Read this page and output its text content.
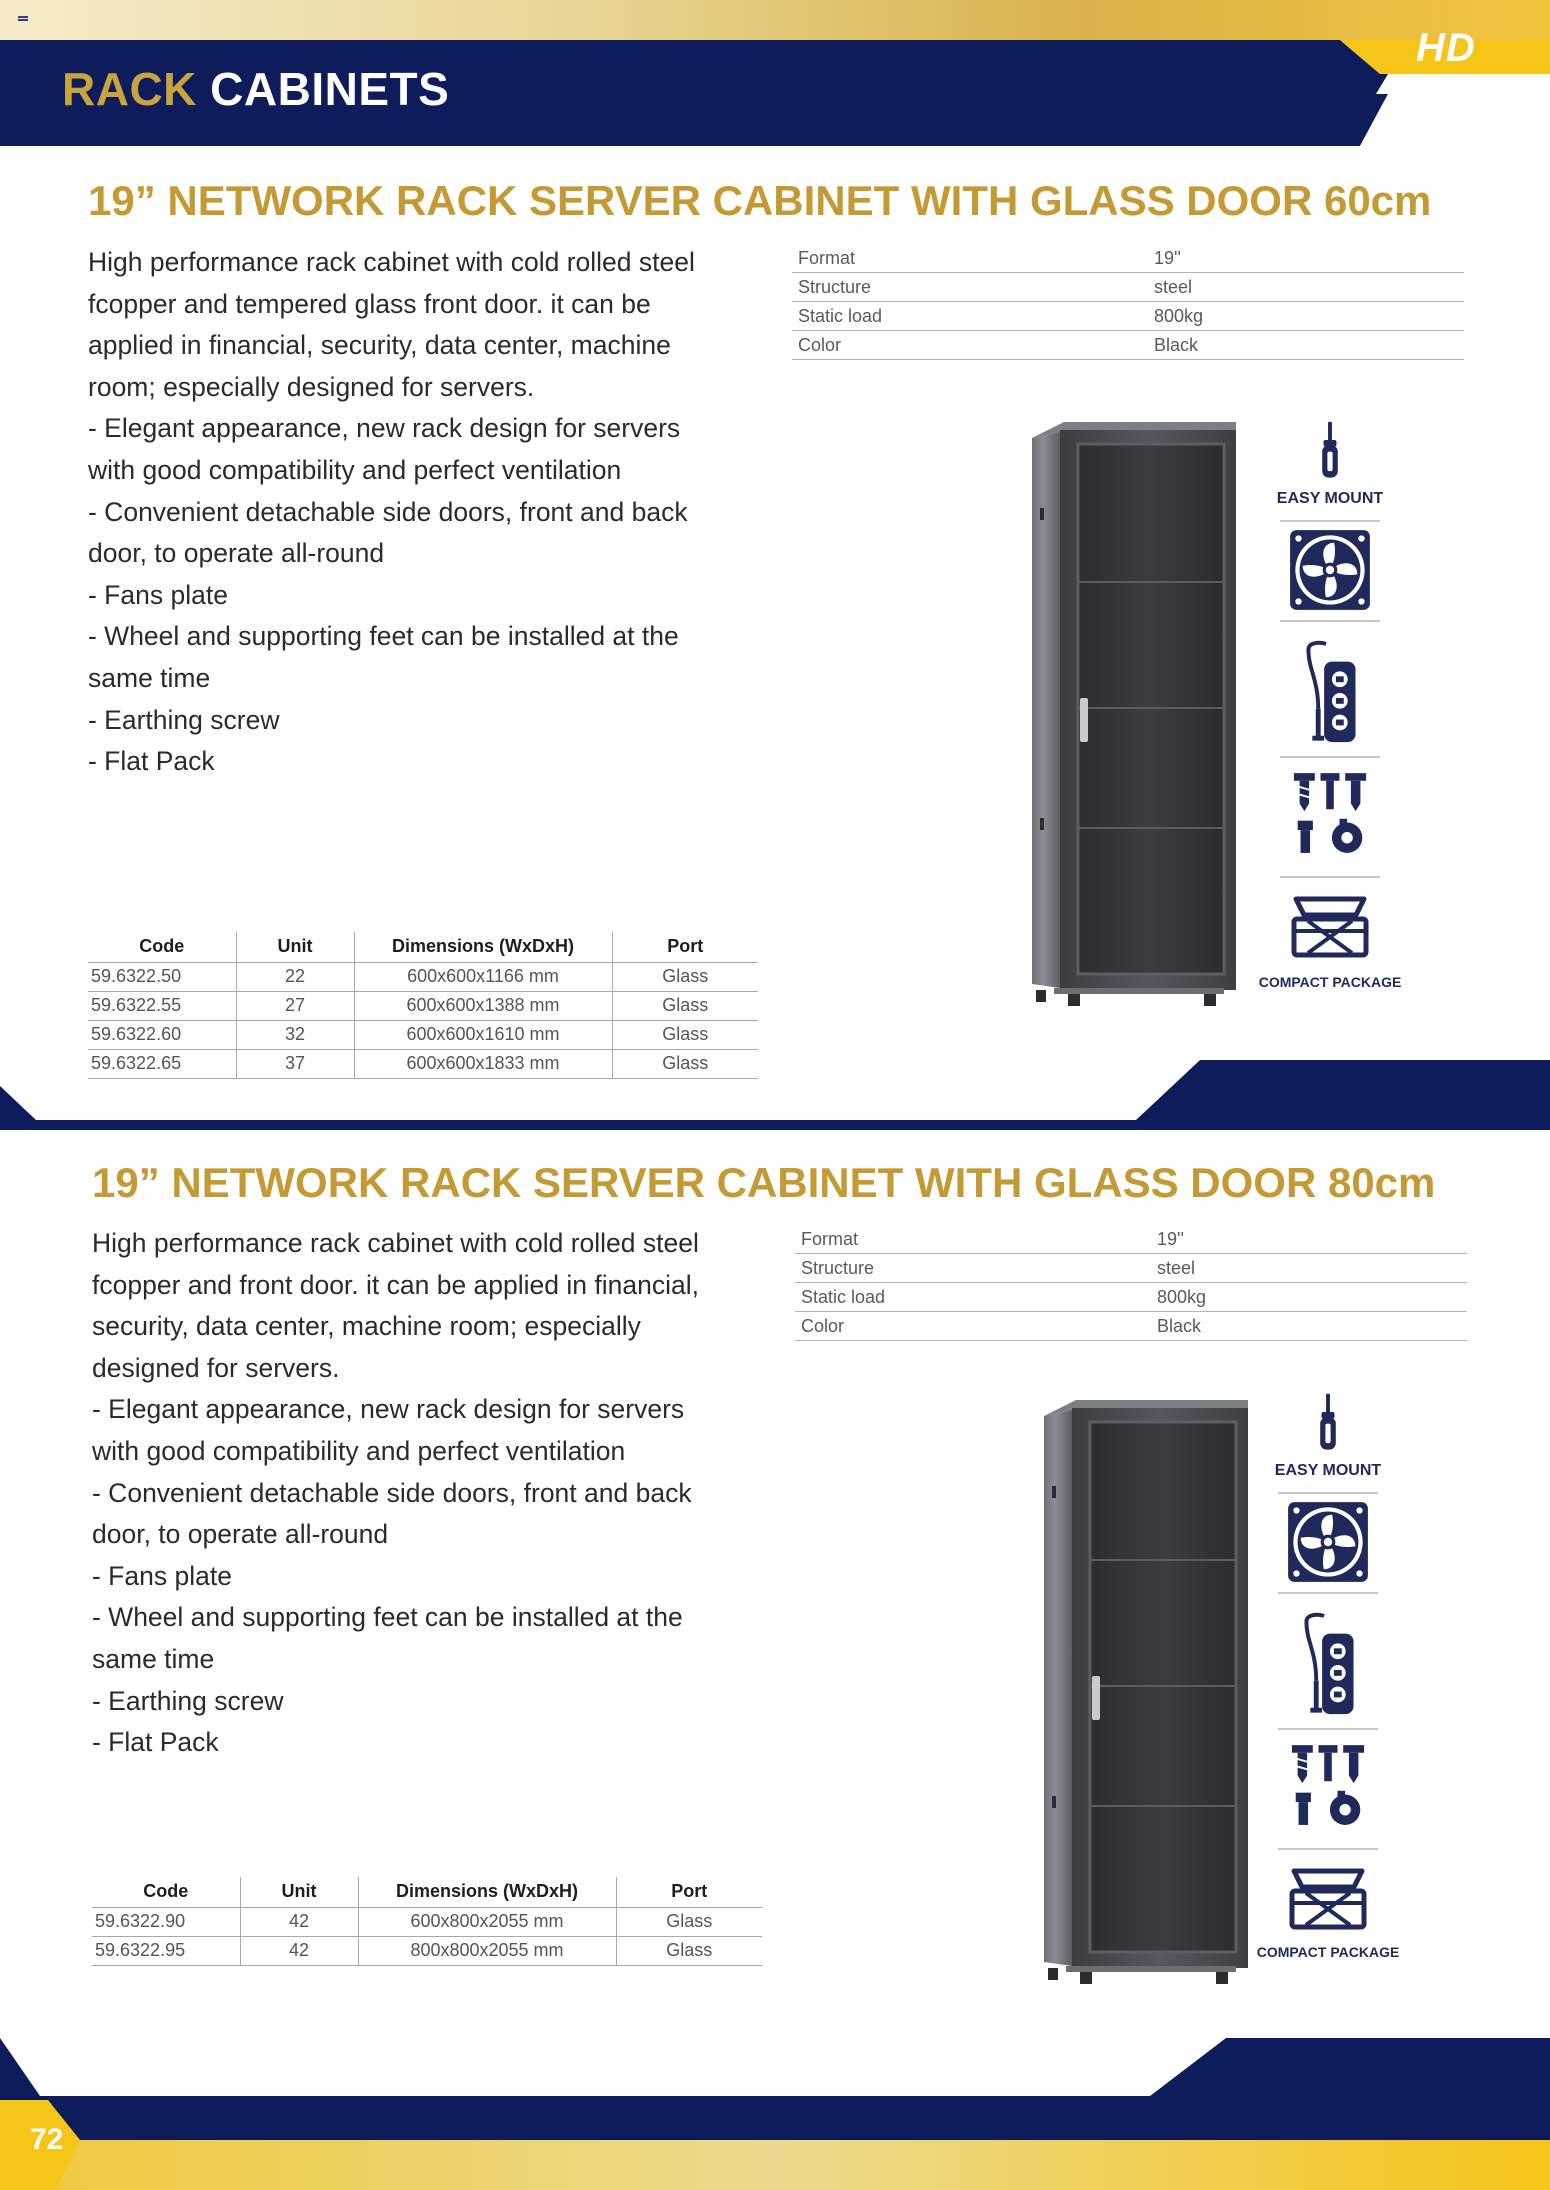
RACK CABINETS
HD
19” NETWORK RACK SERVER CABINET WITH GLASS DOOR 60cm

High performance rack cabinet with cold rolled steel

fcopper and tempered glass front door. it can be

applied in financial, security, data center, machine

room; especially designed for servers.

- Elegant appearance, new rack design for servers

with good compatibility and perfect ventilation

- Convenient detachable side doors, front and back

door, to operate all-round

- Fans plate

- Wheel and supporting feet can be installed at the

same time

- Earthing screw

- Flat Pack

Format	19''
Structure	steel
Static load	800kg
Color	Black
Code	Unit	Dimensions (WxDxH)	Port
59.6322.50	22	600x600x1166 mm	Glass
59.6322.55	27	600x600x1388 mm	Glass
59.6322.60	32	600x600x1610 mm	Glass
59.6322.65	37	600x600x1833 mm	Glass
EASY MOUNT
COMPACT PACKAGE
19” NETWORK RACK SERVER CABINET WITH GLASS DOOR 80cm

High performance rack cabinet with cold rolled steel

fcopper and front door. it can be applied in financial,

security, data center, machine room; especially

designed for servers.

- Elegant appearance, new rack design for servers

with good compatibility and perfect ventilation

- Convenient detachable side doors, front and back

door, to operate all-round

- Fans plate

- Wheel and supporting feet can be installed at the

same time

- Earthing screw

- Flat Pack

Format	19''
Structure	steel
Static load	800kg
Color	Black
Code	Unit	Dimensions (WxDxH)	Port
59.6322.90	42	600x800x2055 mm	Glass
59.6322.95	42	800x800x2055 mm	Glass
EASY MOUNT
COMPACT PACKAGE
72
